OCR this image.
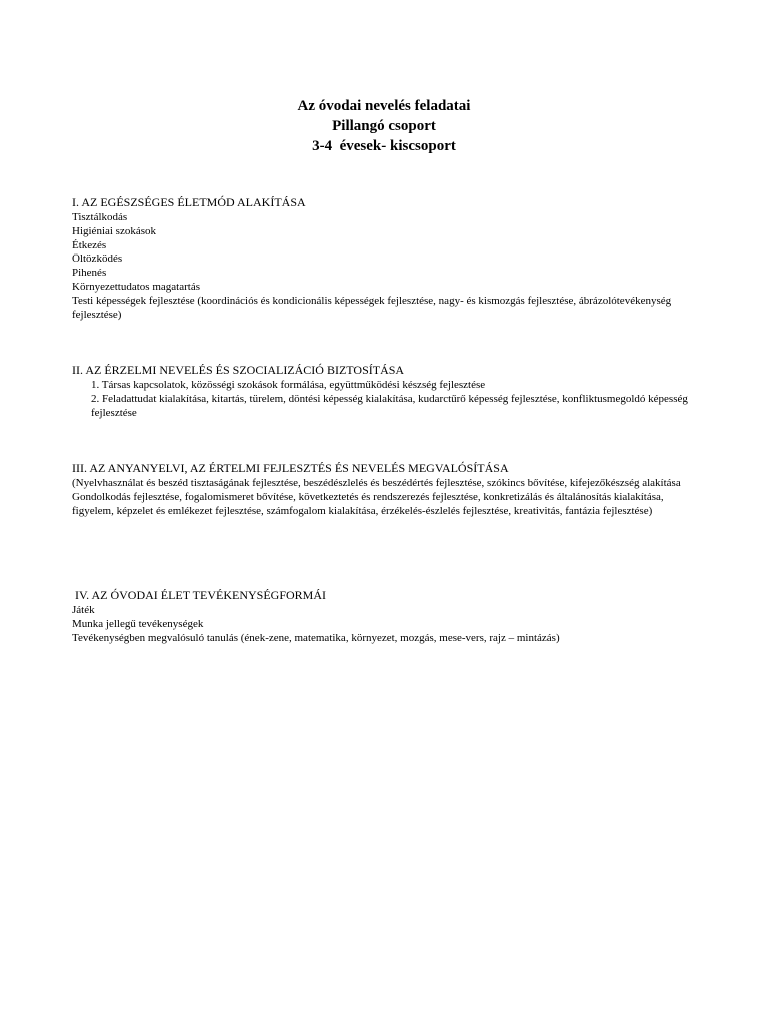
Az óvodai nevelés feladatai
Pillangó csoport
3-4  évesek- kiscsoport
I. AZ EGÉSZSÉGES ÉLETMÓD ALAKÍTÁSA
Tisztálkodás
Higiéniai szokások
Étkezés
Öltözködés
Pihenés
Környezettudatos magatartás
Testi képességek fejlesztése (koordinációs és kondicionális képességek fejlesztése, nagy- és kismozgás fejlesztése, ábrázolótevékenység fejlesztése)
II. AZ ÉRZELMI NEVELÉS ÉS SZOCIALIZÁCIÓ BIZTOSÍTÁSA
1. Társas kapcsolatok, közösségi szokások formálása, együttműködési készség fejlesztése
2. Feladattudat kialakítása, kitartás, türelem, döntési képesség kialakítása, kudarctűrő képesség fejlesztése, konfliktusmegoldó képesség fejlesztése
III. AZ ANYANYELVI, AZ ÉRTELMI FEJLESZTÉS ÉS NEVELÉS MEGVALÓSÍTÁSA
(Nyelvhasználat és beszéd tisztaságának fejlesztése, beszédészlelés és beszédértés fejlesztése, szókincs bővítése, kifejezőkészség alakítása
Gondolkodás fejlesztése, fogalomismeret bővítése, következtetés és rendszerezés fejlesztése, konkretizálás és általánosítás kialakítása, figyelem, képzelet és emlékezet fejlesztése, számfogalom kialakítása, érzékelés-észlelés fejlesztése, kreativitás, fantázia fejlesztése)
IV. AZ ÓVODAI ÉLET TEVÉKENYSÉGFORMÁI
Játék
Munka jellegű tevékenységek
Tevékenységben megvalósuló tanulás (ének-zene, matematika, környezet, mozgás, mese-vers, rajz – mintázás)
